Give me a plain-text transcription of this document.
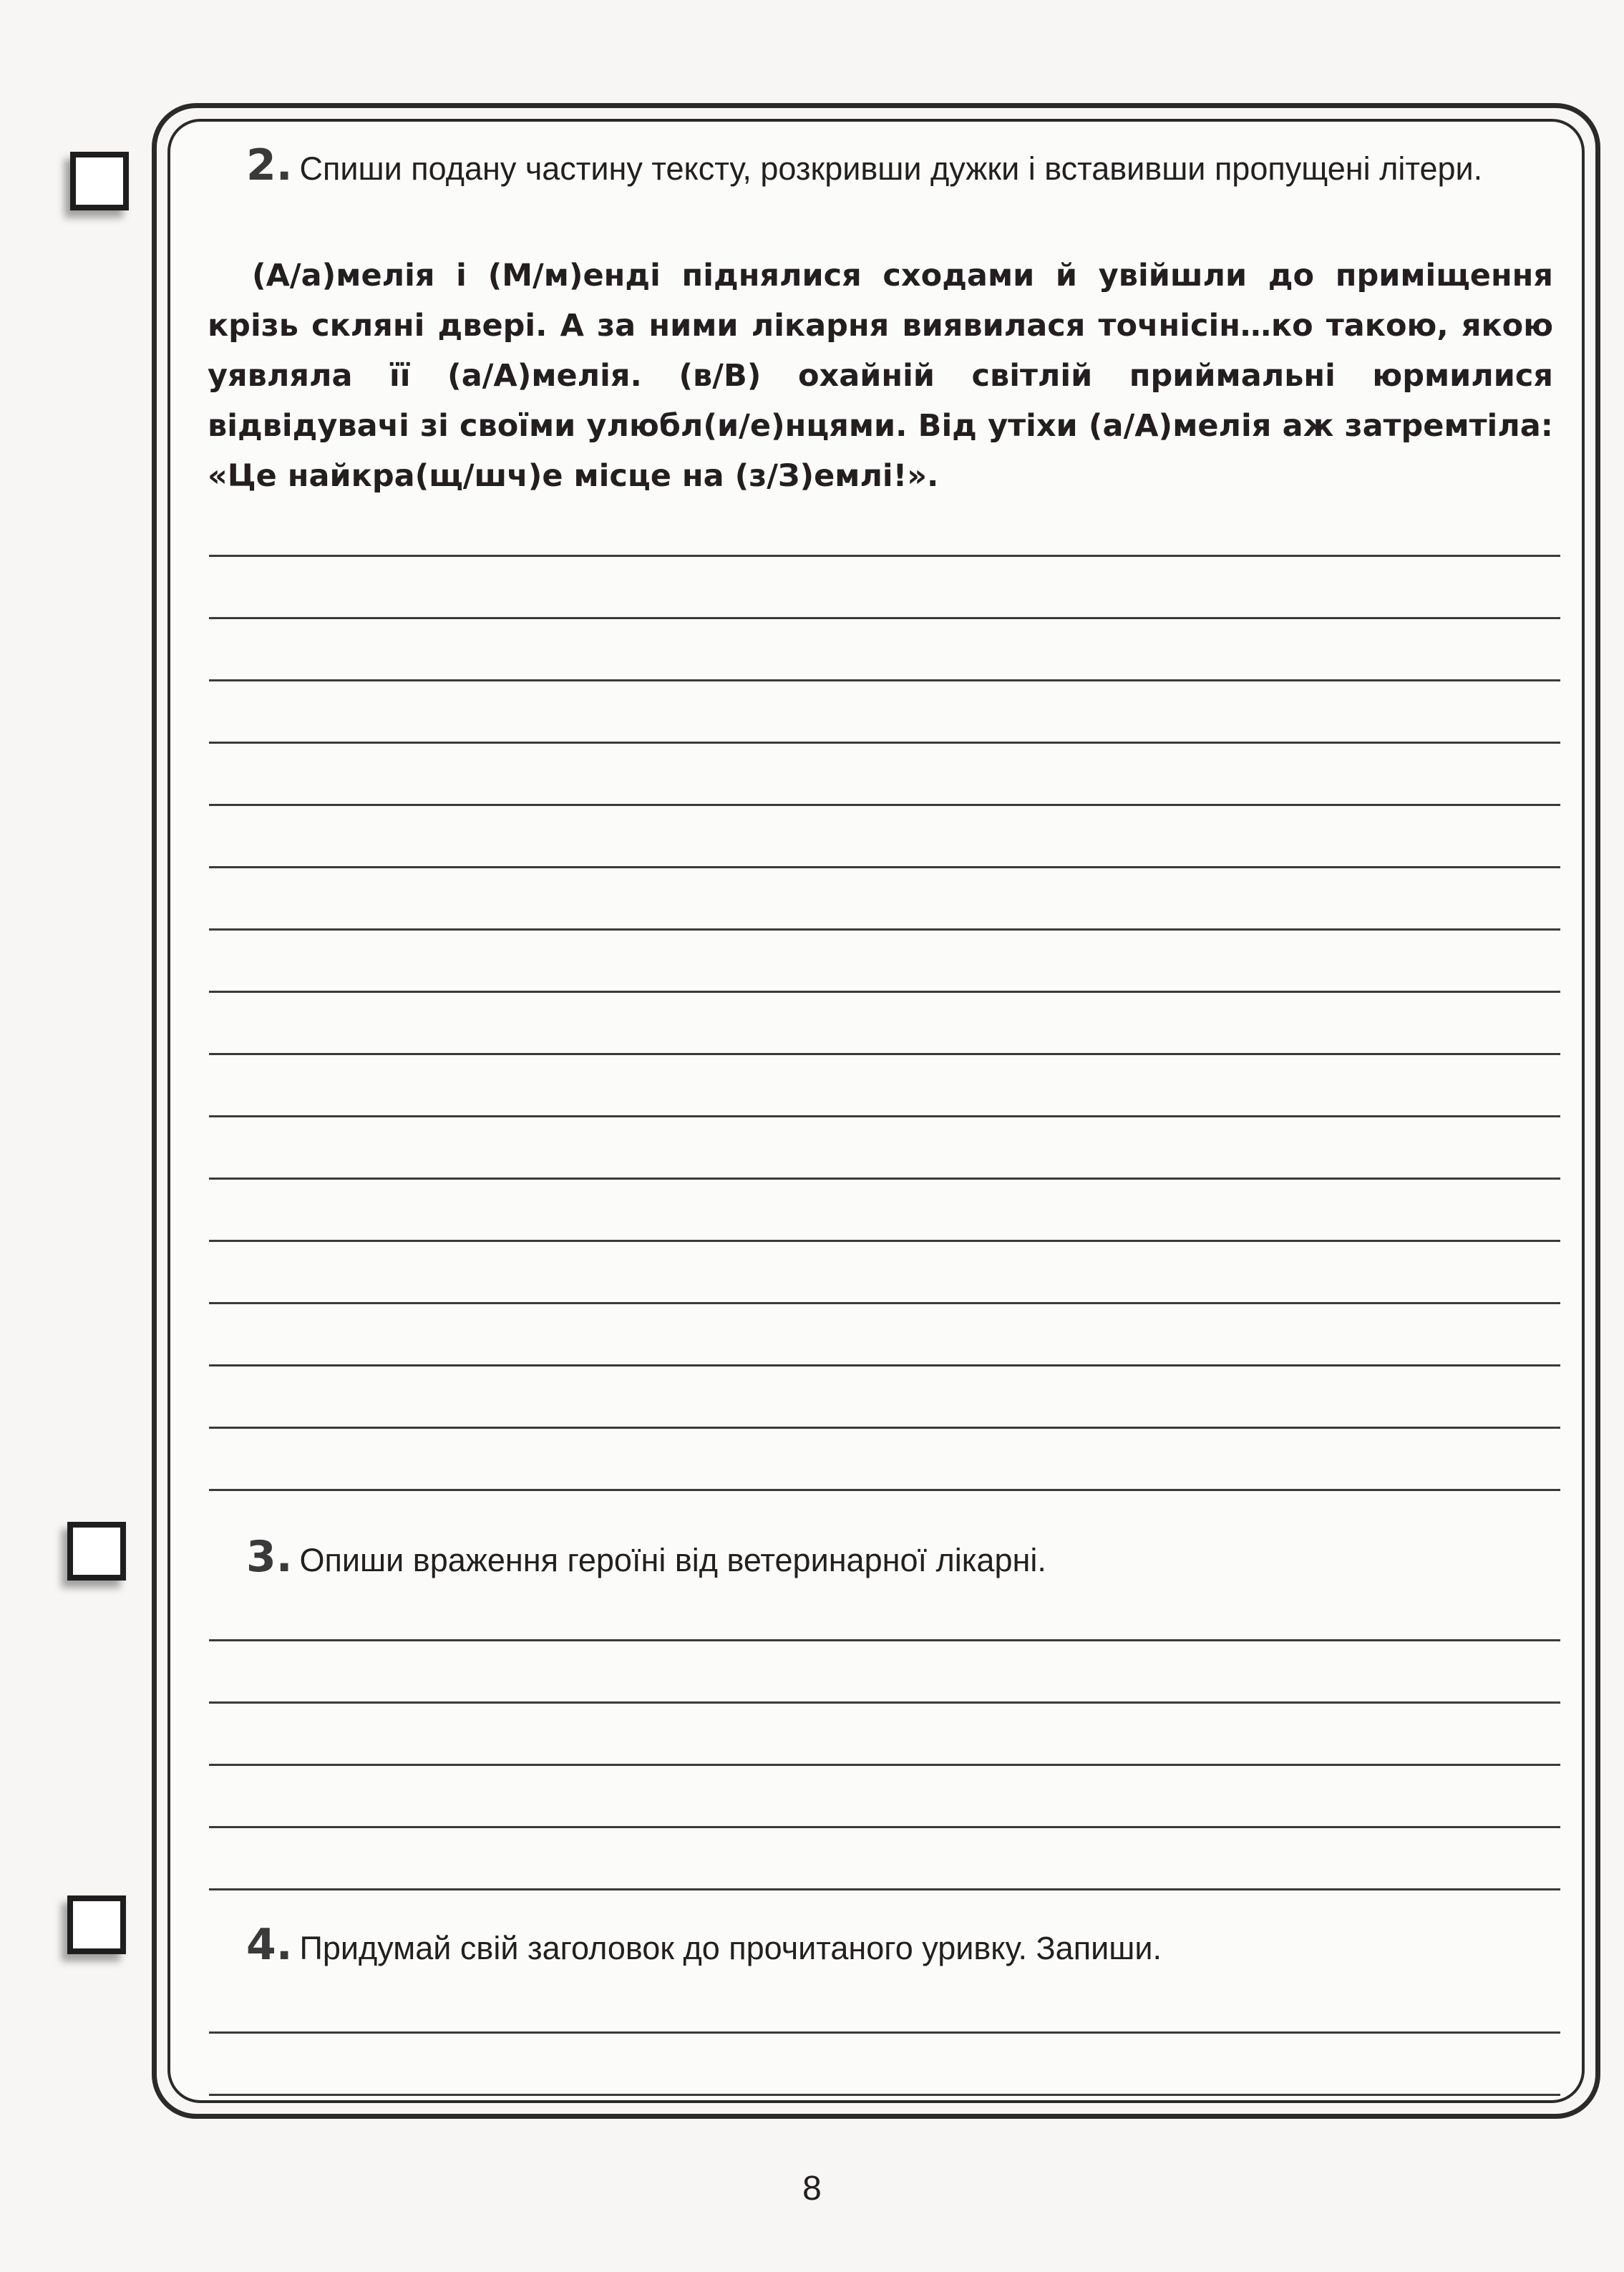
2. Спиши подану частину тексту, розкривши дужки і вставивши пропущені літери.

(А/а)мелія і (М/м)енді піднялися сходами й увійшли до приміщення крізь скляні двері. А за ними лікарня виявилася точнісін…ко такою, якою уявляла її (а/А)мелія. (в/В) охайній світлій приймальні юрмилися відвідувачі зі своїми улюбл(и/е)нцями. Від утіхи (а/А)мелія аж затремтіла: «Це найкра(щ/шч)е місце на (з/З)емлі!».

3. Опиши враження героїні від ветеринарної лікарні.
4. Придумай свій заголовок до прочитаного уривку. Запиши.
8
